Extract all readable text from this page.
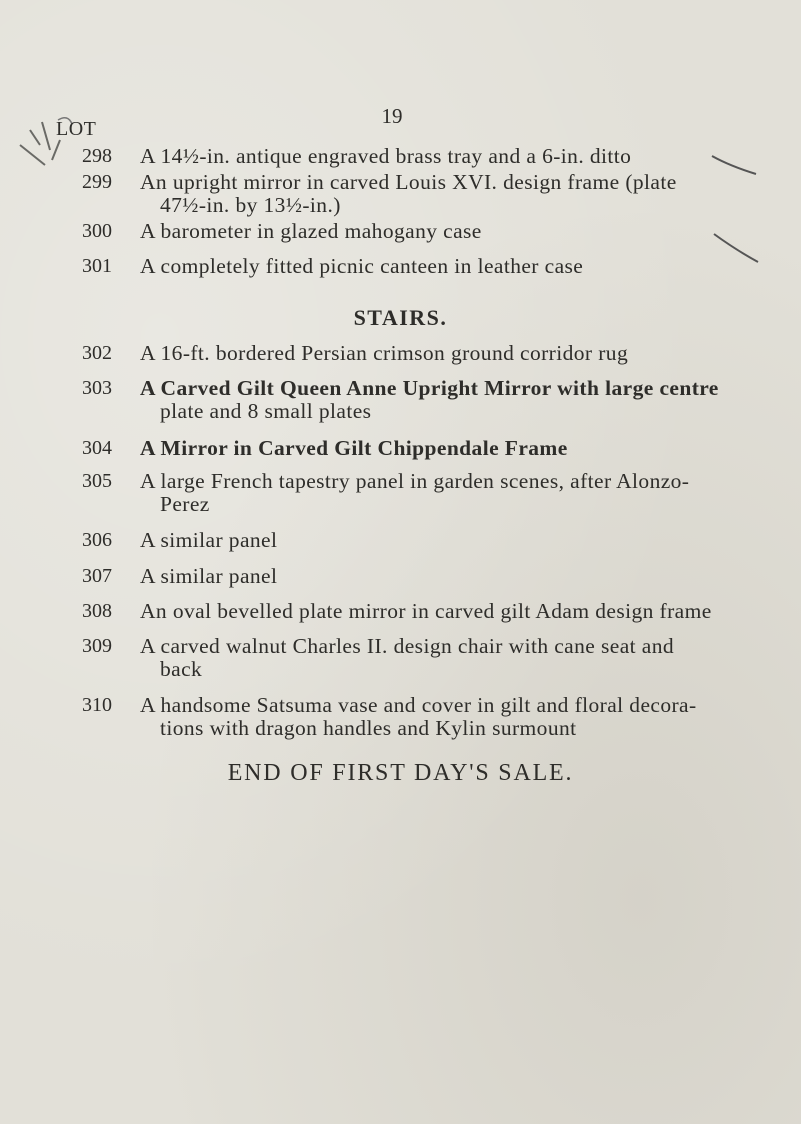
19
LOT
298	A 14½-in. antique engraved brass tray and a 6-in. ditto
299	An upright mirror in carved Louis XVI. design frame (plate
47½-in. by 13½-in.)
300	A barometer in glazed mahogany case
301	A completely fitted picnic canteen in leather case
STAIRS.
302	A 16-ft. bordered Persian crimson ground corridor rug
303	A Carved Gilt Queen Anne Upright Mirror with large centre
plate and 8 small plates
304	A Mirror in Carved Gilt Chippendale Frame
305	A large French tapestry panel in garden scenes, after Alonzo-
Perez
306	A similar panel
307	A similar panel
308	An oval bevelled plate mirror in carved gilt Adam design frame
309	A carved walnut Charles II. design chair with cane seat and
back
310	A handsome Satsuma vase and cover in gilt and floral decora-
tions with dragon handles and Kylin surmount
END OF FIRST DAY'S SALE.
